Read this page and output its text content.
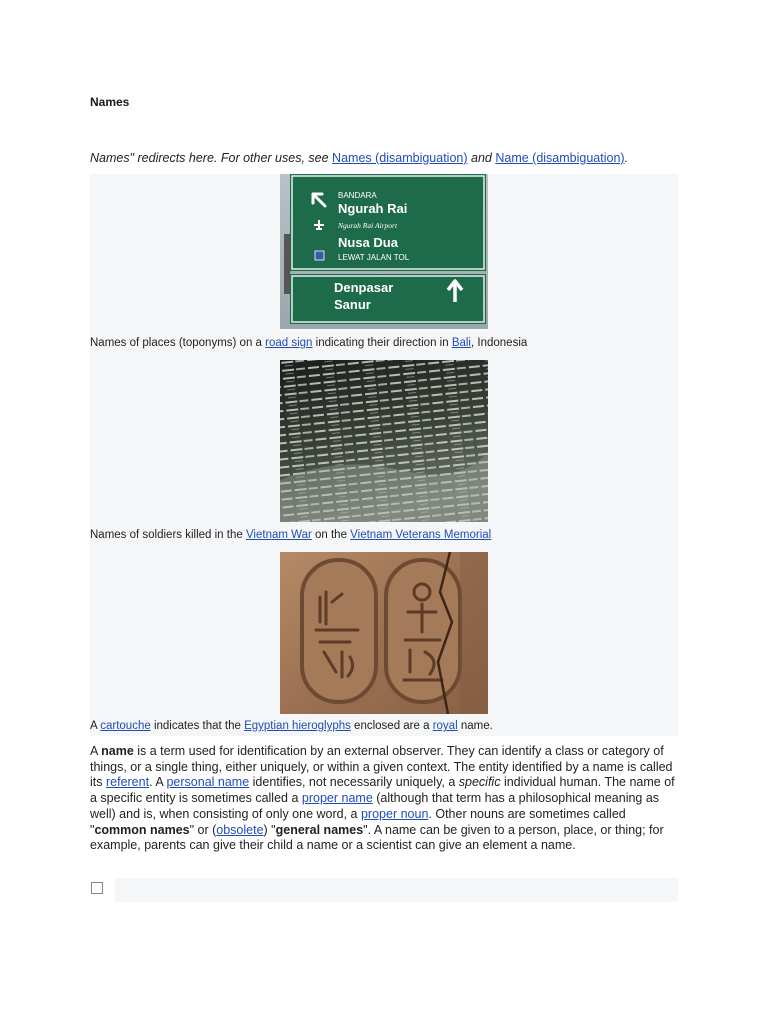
Names
Names" redirects here. For other uses, see Names (disambiguation) and Name (disambiguation).
BANDARA
Ngurah Rai
Ngurah Rai Airport
Nusa Dua
LEWAT JALAN TOL
Denpasar
Sanur
Names of places (toponyms) on a road sign indicating their direction in Bali, Indonesia
Names of soldiers killed in the Vietnam War on the Vietnam Veterans Memorial
A cartouche indicates that the Egyptian hieroglyphs enclosed are a royal name.
A name is a term used for identification by an external observer. They can identify a class or category of things, or a single thing, either uniquely, or within a given context. The entity identified by a name is called its referent. A personal name identifies, not necessarily uniquely, a specific individual human. The name of a specific entity is sometimes called a proper name (although that term has a philosophical meaning as well) and is, when consisting of only one word, a proper noun. Other nouns are sometimes called "common names" or (obsolete) "general names". A name can be given to a person, place, or thing; for example, parents can give their child a name or a scientist can give an element a name.
